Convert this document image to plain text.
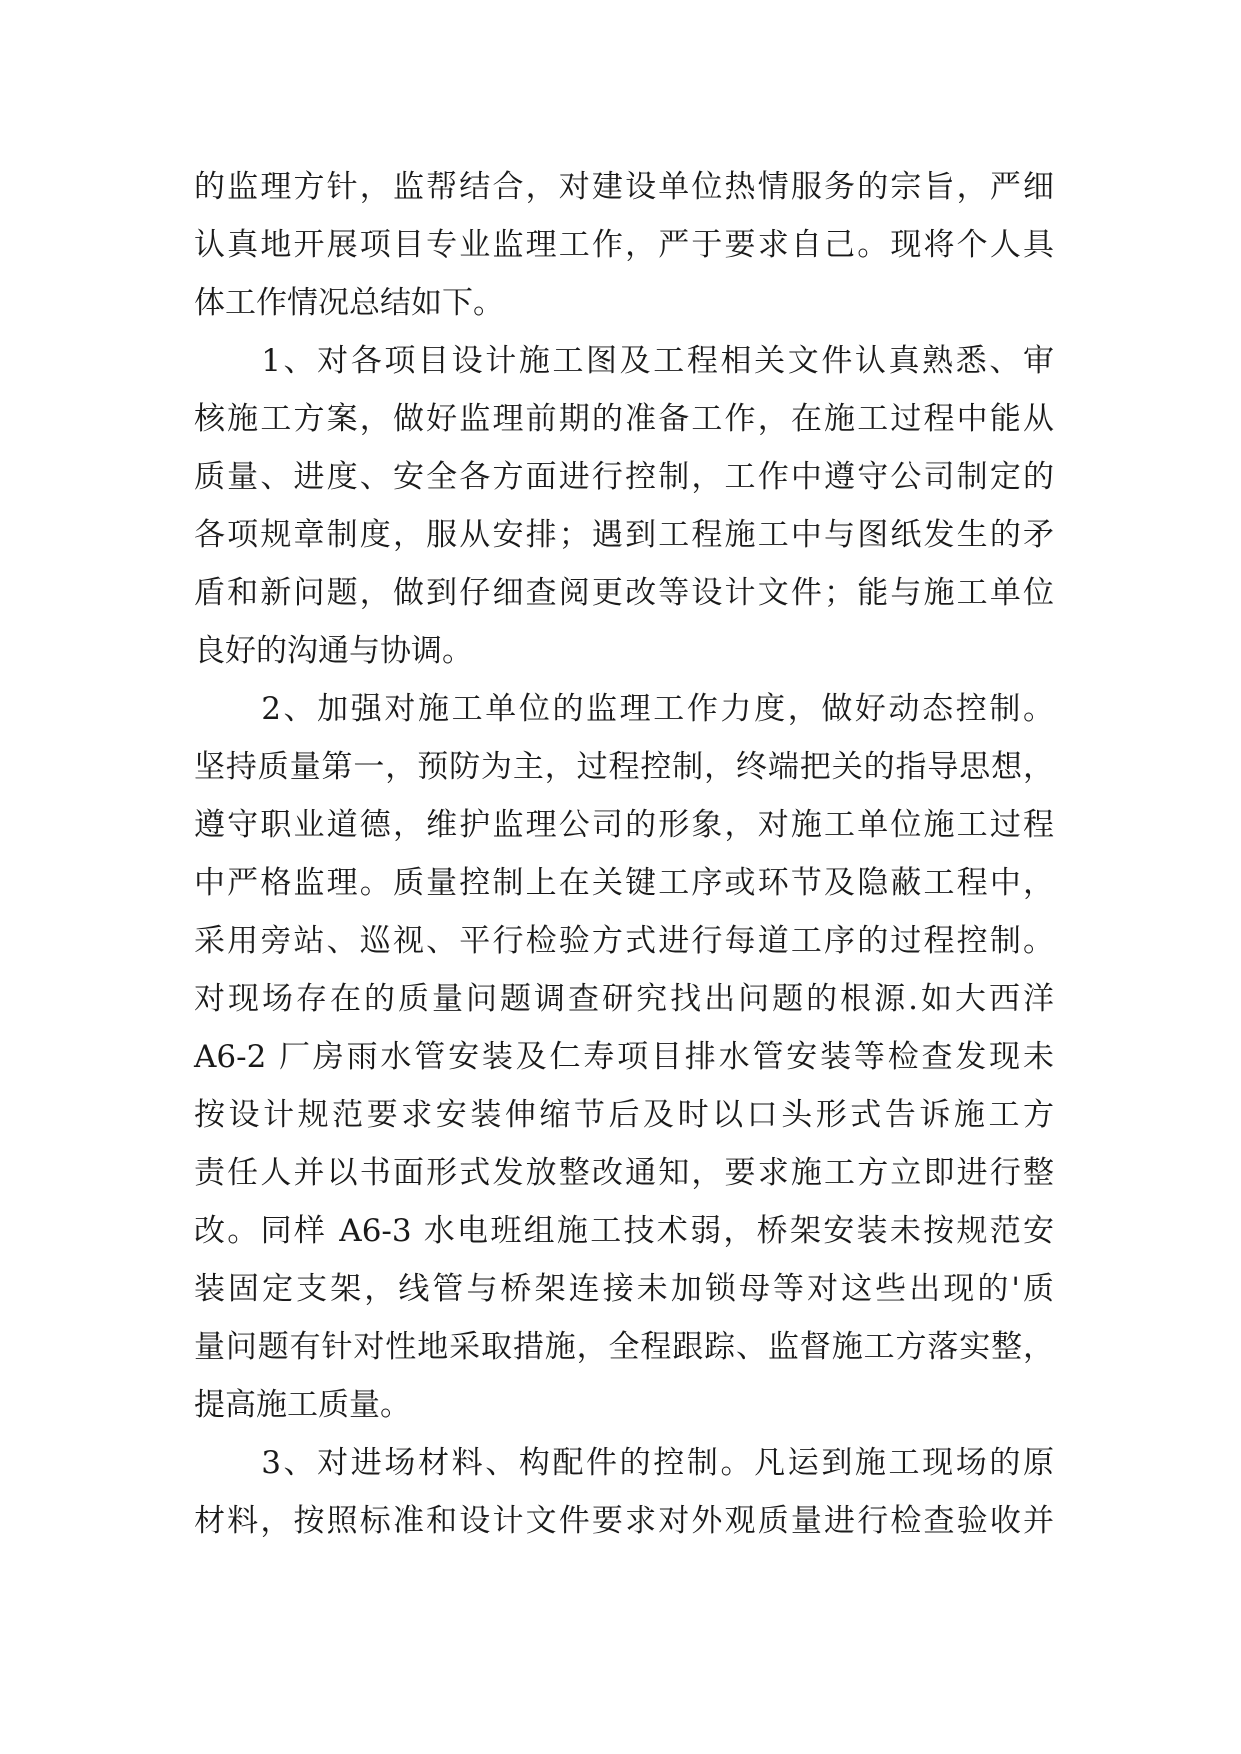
的监理方针，监帮结合，对建设单位热情服务的宗旨，严细
认真地开展项目专业监理工作，严于要求自己。现将个人具
体工作情况总结如下。
　　1、对各项目设计施工图及工程相关文件认真熟悉、审
核施工方案，做好监理前期的准备工作，在施工过程中能从
质量、进度、安全各方面进行控制，工作中遵守公司制定的
各项规章制度，服从安排；遇到工程施工中与图纸发生的矛
盾和新问题，做到仔细查阅更改等设计文件；能与施工单位
良好的沟通与协调。
　　2、加强对施工单位的监理工作力度，做好动态控制。
坚持质量第一，预防为主，过程控制，终端把关的指导思想，
遵守职业道德，维护监理公司的形象，对施工单位施工过程
中严格监理。质量控制上在关键工序或环节及隐蔽工程中，
采用旁站、巡视、平行检验方式进行每道工序的过程控制。
对现场存在的质量问题调查研究找出问题的根源.如大西洋
A6-2 厂房雨水管安装及仁寿项目排水管安装等检查发现未
按设计规范要求安装伸缩节后及时以口头形式告诉施工方
责任人并以书面形式发放整改通知，要求施工方立即进行整
改。同样 A6-3 水电班组施工技术弱，桥架安装未按规范安
装固定支架，线管与桥架连接未加锁母等对这些出现的'质
量问题有针对性地采取措施，全程跟踪、监督施工方落实整，
提高施工质量。
　　3、对进场材料、构配件的控制。凡运到施工现场的原
材料，按照标准和设计文件要求对外观质量进行检查验收并
